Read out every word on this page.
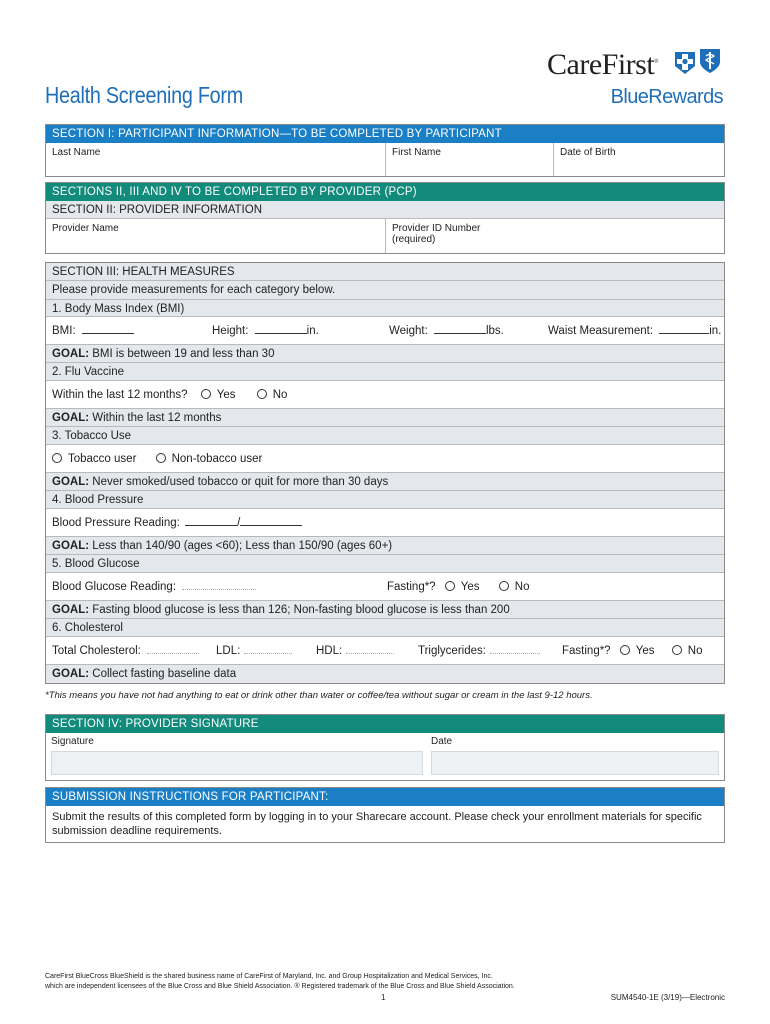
Health Screening Form
CareFirst®
BlueRewards
SECTION I: PARTICIPANT INFORMATION—TO BE COMPLETED BY PARTICIPANT
Last Name	First Name	Date of Birth
SECTIONS II, III AND IV TO BE COMPLETED BY PROVIDER (PCP)
SECTION II: PROVIDER INFORMATION
Provider Name	Provider ID Number
(required)
SECTION III: HEALTH MEASURES
Please provide measurements for each category below.
1. Body Mass Index (BMI)
BMI:	Height:	in.	Weight:	lbs.	Waist Measurement:	in.
GOAL: BMI is between 19 and less than 30
2. Flu Vaccine
Within the last 12 months?	Yes	No
GOAL: Within the last 12 months
3. Tobacco Use
Tobacco user	Non-tobacco user
GOAL: Never smoked/used tobacco or quit for more than 30 days
4. Blood Pressure
Blood Pressure Reading:	/
GOAL: Less than 140/90 (ages <60); Less than 150/90 (ages 60+)
5. Blood Glucose
Blood Glucose Reading:	Fasting*? Yes	No
GOAL: Fasting blood glucose is less than 126; Non-fasting blood glucose is less than 200
6. Cholesterol
Total Cholesterol:	LDL:	HDL:	Triglycerides:	Fasting*? Yes	No
GOAL: Collect fasting baseline data
*This means you have not had anything to eat or drink other than water or coffee/tea without sugar or cream in the last 9-12 hours.
SECTION IV: PROVIDER SIGNATURE
Signature	Date
SUBMISSION INSTRUCTIONS FOR PARTICIPANT:
Submit the results of this completed form by logging in to your Sharecare account. Please check your enrollment materials for specific submission deadline requirements.
CareFirst BlueCross BlueShield is the shared business name of CareFirst of Maryland, Inc. and Group Hospitalization and Medical Services, Inc.
which are independent licensees of the Blue Cross and Blue Shield Association. ® Registered trademark of the Blue Cross and Blue Shield Association.
1	SUM4540-1E (3/19)—Electronic
